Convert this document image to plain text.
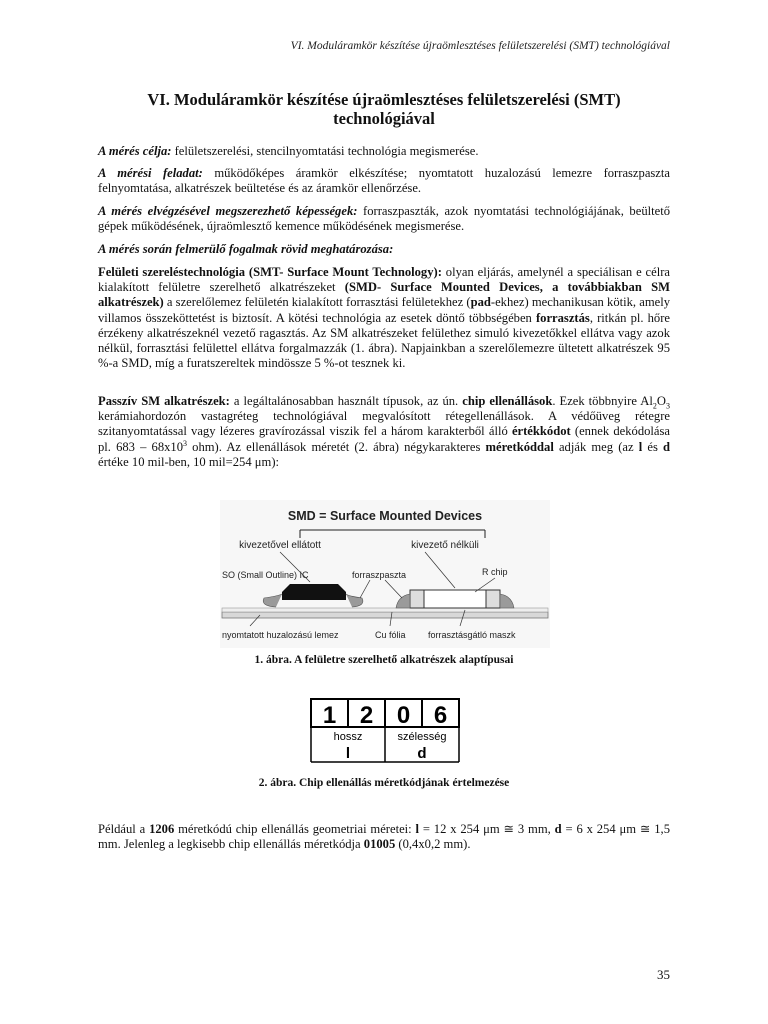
VI. Moduláramkör készítése újraömlesztéses felületszerelési (SMT) technológiával
VI. Moduláramkör készítése újraömlesztéses felületszerelési (SMT)
technológiával

A mérés célja: felületszerelési, stencilnyomtatási technológia megismerése.

A mérési feladat: működőképes áramkör elkészítése; nyomtatott huzalozású lemezre forraszpaszta felnyomtatása, alkatrészek beültetése és az áramkör ellenőrzése.

A mérés elvégzésével megszerezhető képességek: forraszpaszták, azok nyomtatási technológiájának, beültető gépek működésének, újraömlesztő kemence működésének megismerése.

A mérés során felmerülő fogalmak rövid meghatározása:

Felületi szereléstechnológia (SMT- Surface Mount Technology): olyan eljárás, amelynél a speciálisan e célra kialakított felületre szerelhető alkatrészeket (SMD- Surface Mounted Devices, a továbbiakban SM alkatrészek) a szerelőlemez felületén kialakított forrasztási felületekhez (pad-ekhez) mechanikusan kötik, amely villamos összeköttetést is biztosít. A kötési technológia az esetek döntő többségében forrasztás, ritkán pl. hőre érzékeny alkatrészeknél vezető ragasztás. Az SM alkatrészeket felülethez simuló kivezetőkkel ellátva vagy azok nélkül, forrasztási felülettel ellátva forgalmazzák (1. ábra). Napjainkban a szerelőlemezre ültetett alkatrészek 95 %-a SMD, míg a furatszereltek mindössze 5 %-ot tesznek ki.

Passzív SM alkatrészek: a legáltalánosabban használt típusok, az ún. chip ellenállások. Ezek többnyire $Al_2O_3$ kerámiahordozón vastagréteg technológiával megvalósított rétegellenállások. A védőüveg rétegre szitanyomtatással vagy lézeres gravírozással viszik fel a három karakterből álló értékkódot (ennek dekódolása pl. $683 - 68x10^3$ ohm). Az ellenállások méretét (2. ábra) négykarakteres méretkóddal adják meg (az l és d értéke 10 mil-ben, 10 mil=254 μm):

SMD = Surface Mounted Devices
kivezetővel ellátott	kivezető nélküli
SO (Small Outline) IC	forraszpaszta	R chip
nyomtatott huzalozású lemez	Cu fólia forrasztásgátló maszk
1. ábra. A felületre szerelhető alkatrészek alaptípusai
1 2 0 6
hossz
l
szélesség
d
2. ábra. Chip ellenállás méretkódjának értelmezése

Például a 1206 méretkódú chip ellenállás geometriai méretei: l = 12 x 254 μm ≅ 3 mm, d = 6 x 254 μm ≅ 1,5 mm. Jelenleg a legkisebb chip ellenállás méretkódja 01005 (0,4x0,2 mm).

35
